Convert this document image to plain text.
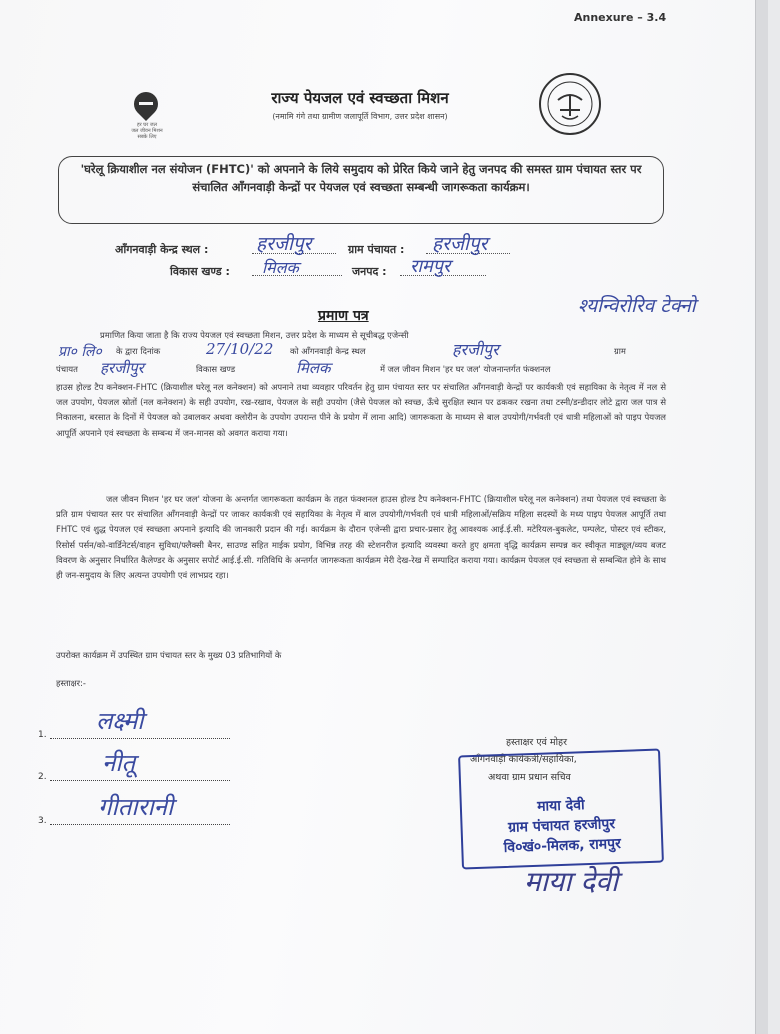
Annexure – 3.4
हर घर जल
जल जीवन मिशन
सबके लिए
राज्य पेयजल एवं स्वच्छता मिशन
(नमामि गंगे तथा ग्रामीण जलापूर्ति विभाग, उत्तर प्रदेश शासन)
'घरेलू क्रियाशील नल संयोजन (FHTC)' को अपनाने के लिये समुदाय को प्रेरित किये जाने हेतु जनपद की समस्त ग्राम पंचायत स्तर पर संचालित आँगनवाड़ी केन्द्रों पर पेयजल एवं स्वच्छता सम्बन्धी जागरूकता कार्यक्रम।
आँगनवाड़ी केन्द्र स्थल :	हरजीपुर	ग्राम पंचायत : हरजीपुर
विकास खण्ड : मिलक	जनपद : रामपुर
प्रमाण पत्र	श्यन्विरोरिव टेक्नो
प्रमाणित किया जाता है कि राज्य पेयजल एवं स्वच्छता मिशन, उत्तर प्रदेश के माध्यम से सूचीबद्ध एजेन्सी
प्रा० लि० के द्वारा दिनांक	27/10/22 को आँगनवाड़ी केन्द्र स्थल	हरजीपुर	ग्राम
पंचायत	हरजीपुर	विकास खण्ड	मिलक	में जल जीवन मिशन 'हर घर जल' योजनान्तर्गत फंक्शनल
हाउस होल्ड टैप कनेक्शन-FHTC (क्रियाशील घरेलू नल कनेक्शन) को अपनाने तथा व्यवहार परिवर्तन हेतु ग्राम पंचायत स्तर पर संचालित आँगनवाड़ी केन्द्रों पर कार्यकत्री एवं सहायिका के नेतृत्व में नल से जल उपयोग, पेयजल स्रोतों (नल कनेक्शन) के सही उपयोग, रख-रखाव, पेयजल के सही उपयोग (जैसे पेयजल को स्वच्छ, ऊँचे सुरक्षित स्थान पर ढककर रखना तथा टस्नी/डन्डीदार लोटे द्वारा जल पात्र से निकालना, बरसात के दिनों में पेयजल को उबालकर अथवा क्लोरीन के उपयोग उपरान्त पीने के प्रयोग में लाना आदि) जागरूकता के माध्यम से बाल उपयोगी/गर्भवती एवं धात्री महिलाओं को पाइप पेयजल आपूर्ति अपनाने एवं स्वच्छता के सम्बन्ध में जन-मानस को अवगत कराया गया।
जल जीवन मिशन 'हर घर जल' योजना के अन्तर्गत जागरूकता कार्यक्रम के तहत फंक्शनल हाउस होल्ड टैप कनेक्शन-FHTC (क्रियाशील घरेलू नल कनेक्शन) तथा पेयजल एवं स्वच्छता के प्रति ग्राम पंचायत स्तर पर संचालित आँगनवाड़ी केन्द्रों पर जाकर कार्यकत्री एवं सहायिका के नेतृत्व में बाल उपयोगी/गर्भवती एवं धात्री महिलाओं/सक्रिय महिला सदस्यों के मध्य पाइप पेयजल आपूर्ति तथा FHTC एवं शुद्ध पेयजल एवं स्वच्छता अपनाने इत्यादि की जानकारी प्रदान की गई। कार्यक्रम के दौरान एजेन्सी द्वारा प्रचार-प्रसार हेतु आवश्यक आई.ई.सी. मटेरियल-बुकलेट, पम्पलेट, पोस्टर एवं स्टीकर, रिसोर्स पर्सन/को-वार्डिनेटर्स/वाहन सुविधा/फ्लैक्सी बैनर, साउण्ड सहित माईक प्रयोग, विभिन्न तरह की स्टेशनरीज इत्यादि व्यवस्था करते हुए क्षमता वृद्धि कार्यक्रम सम्पन्न कर स्वीकृत माड्यूल/व्यय बजट विवरण के अनुसार निर्धारित कैलेण्डर के अनुसार सपोर्ट आई.ई.सी. गतिविधि के अन्तर्गत जागरूकता कार्यक्रम मेरी देख-रेख में सम्पादित कराया गया। कार्यक्रम पेयजल एवं स्वच्छता से सम्बन्धित होने के साथ ही जन-समुदाय के लिए अत्यन्त उपयोगी एवं लाभप्रद रहा।
उपरोक्त कार्यक्रम में उपस्थित ग्राम पंचायत स्तर के मुख्य 03 प्रतिभागियों के
हस्ताक्षर:-
1. लक्ष्मी
2. नीतू
3. गीतारानी
हस्ताक्षर एवं मोहर
आँगनवाड़ी कार्यकत्री/सहायिका,
अथवा ग्राम प्रधान सचिव
माया देवी
ग्राम पंचायत हरजीपुर
वि०खं०-मिलक, रामपुर
माया देवी
